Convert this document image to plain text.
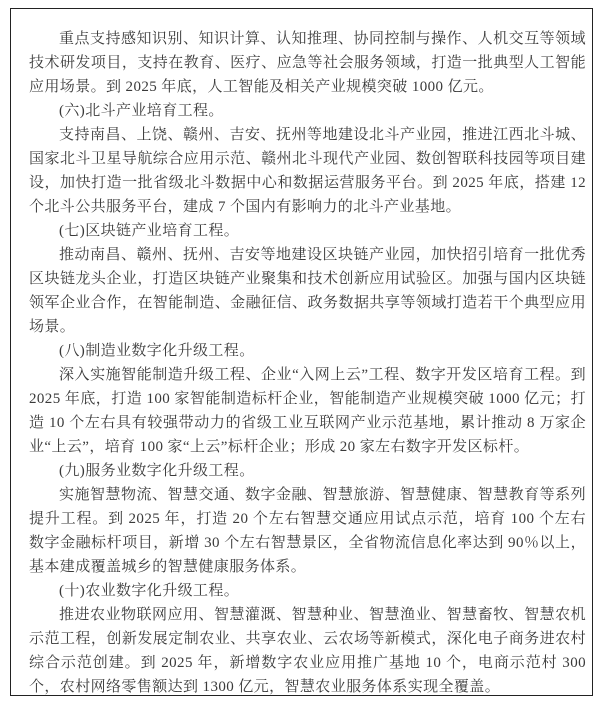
重点支持感知识别、知识计算、认知推理、协同控制与操作、人机交互等领域技术研发项目，支持在教育、医疗、应急等社会服务领域，打造一批典型人工智能应用场景。到 2025 年底，人工智能及相关产业规模突破 1000 亿元。

(六)北斗产业培育工程。

支持南昌、上饶、赣州、吉安、抚州等地建设北斗产业园，推进江西北斗城、国家北斗卫星导航综合应用示范、赣州北斗现代产业园、数创智联科技园等项目建设，加快打造一批省级北斗数据中心和数据运营服务平台。到 2025 年底，搭建 12 个北斗公共服务平台，建成 7 个国内有影响力的北斗产业基地。

(七)区块链产业培育工程。

推动南昌、赣州、抚州、吉安等地建设区块链产业园，加快招引培育一批优秀区块链龙头企业，打造区块链产业聚集和技术创新应用试验区。加强与国内区块链领军企业合作，在智能制造、金融征信、政务数据共享等领域打造若干个典型应用场景。

(八)制造业数字化升级工程。

深入实施智能制造升级工程、企业“入网上云”工程、数字开发区培育工程。到 2025 年底，打造 100 家智能制造标杆企业，智能制造产业规模突破 1000 亿元；打造 10 个左右具有较强带动力的省级工业互联网产业示范基地，累计推动 8 万家企业“上云”，培育 100 家“上云”标杆企业；形成 20 家左右数字开发区标杆。

(九)服务业数字化升级工程。

实施智慧物流、智慧交通、数字金融、智慧旅游、智慧健康、智慧教育等系列提升工程。到 2025 年，打造 20 个左右智慧交通应用试点示范，培育 100 个左右数字金融标杆项目，新增 30 个左右智慧景区，全省物流信息化率达到 90％以上，基本建成覆盖城乡的智慧健康服务体系。

(十)农业数字化升级工程。

推进农业物联网应用、智慧灌溉、智慧种业、智慧渔业、智慧畜牧、智慧农机示范工程，创新发展定制农业、共享农业、云农场等新模式，深化电子商务进农村综合示范创建。到 2025 年，新增数字农业应用推广基地 10 个，电商示范村 300 个，农村网络零售额达到 1300 亿元，智慧农业服务体系实现全覆盖。
